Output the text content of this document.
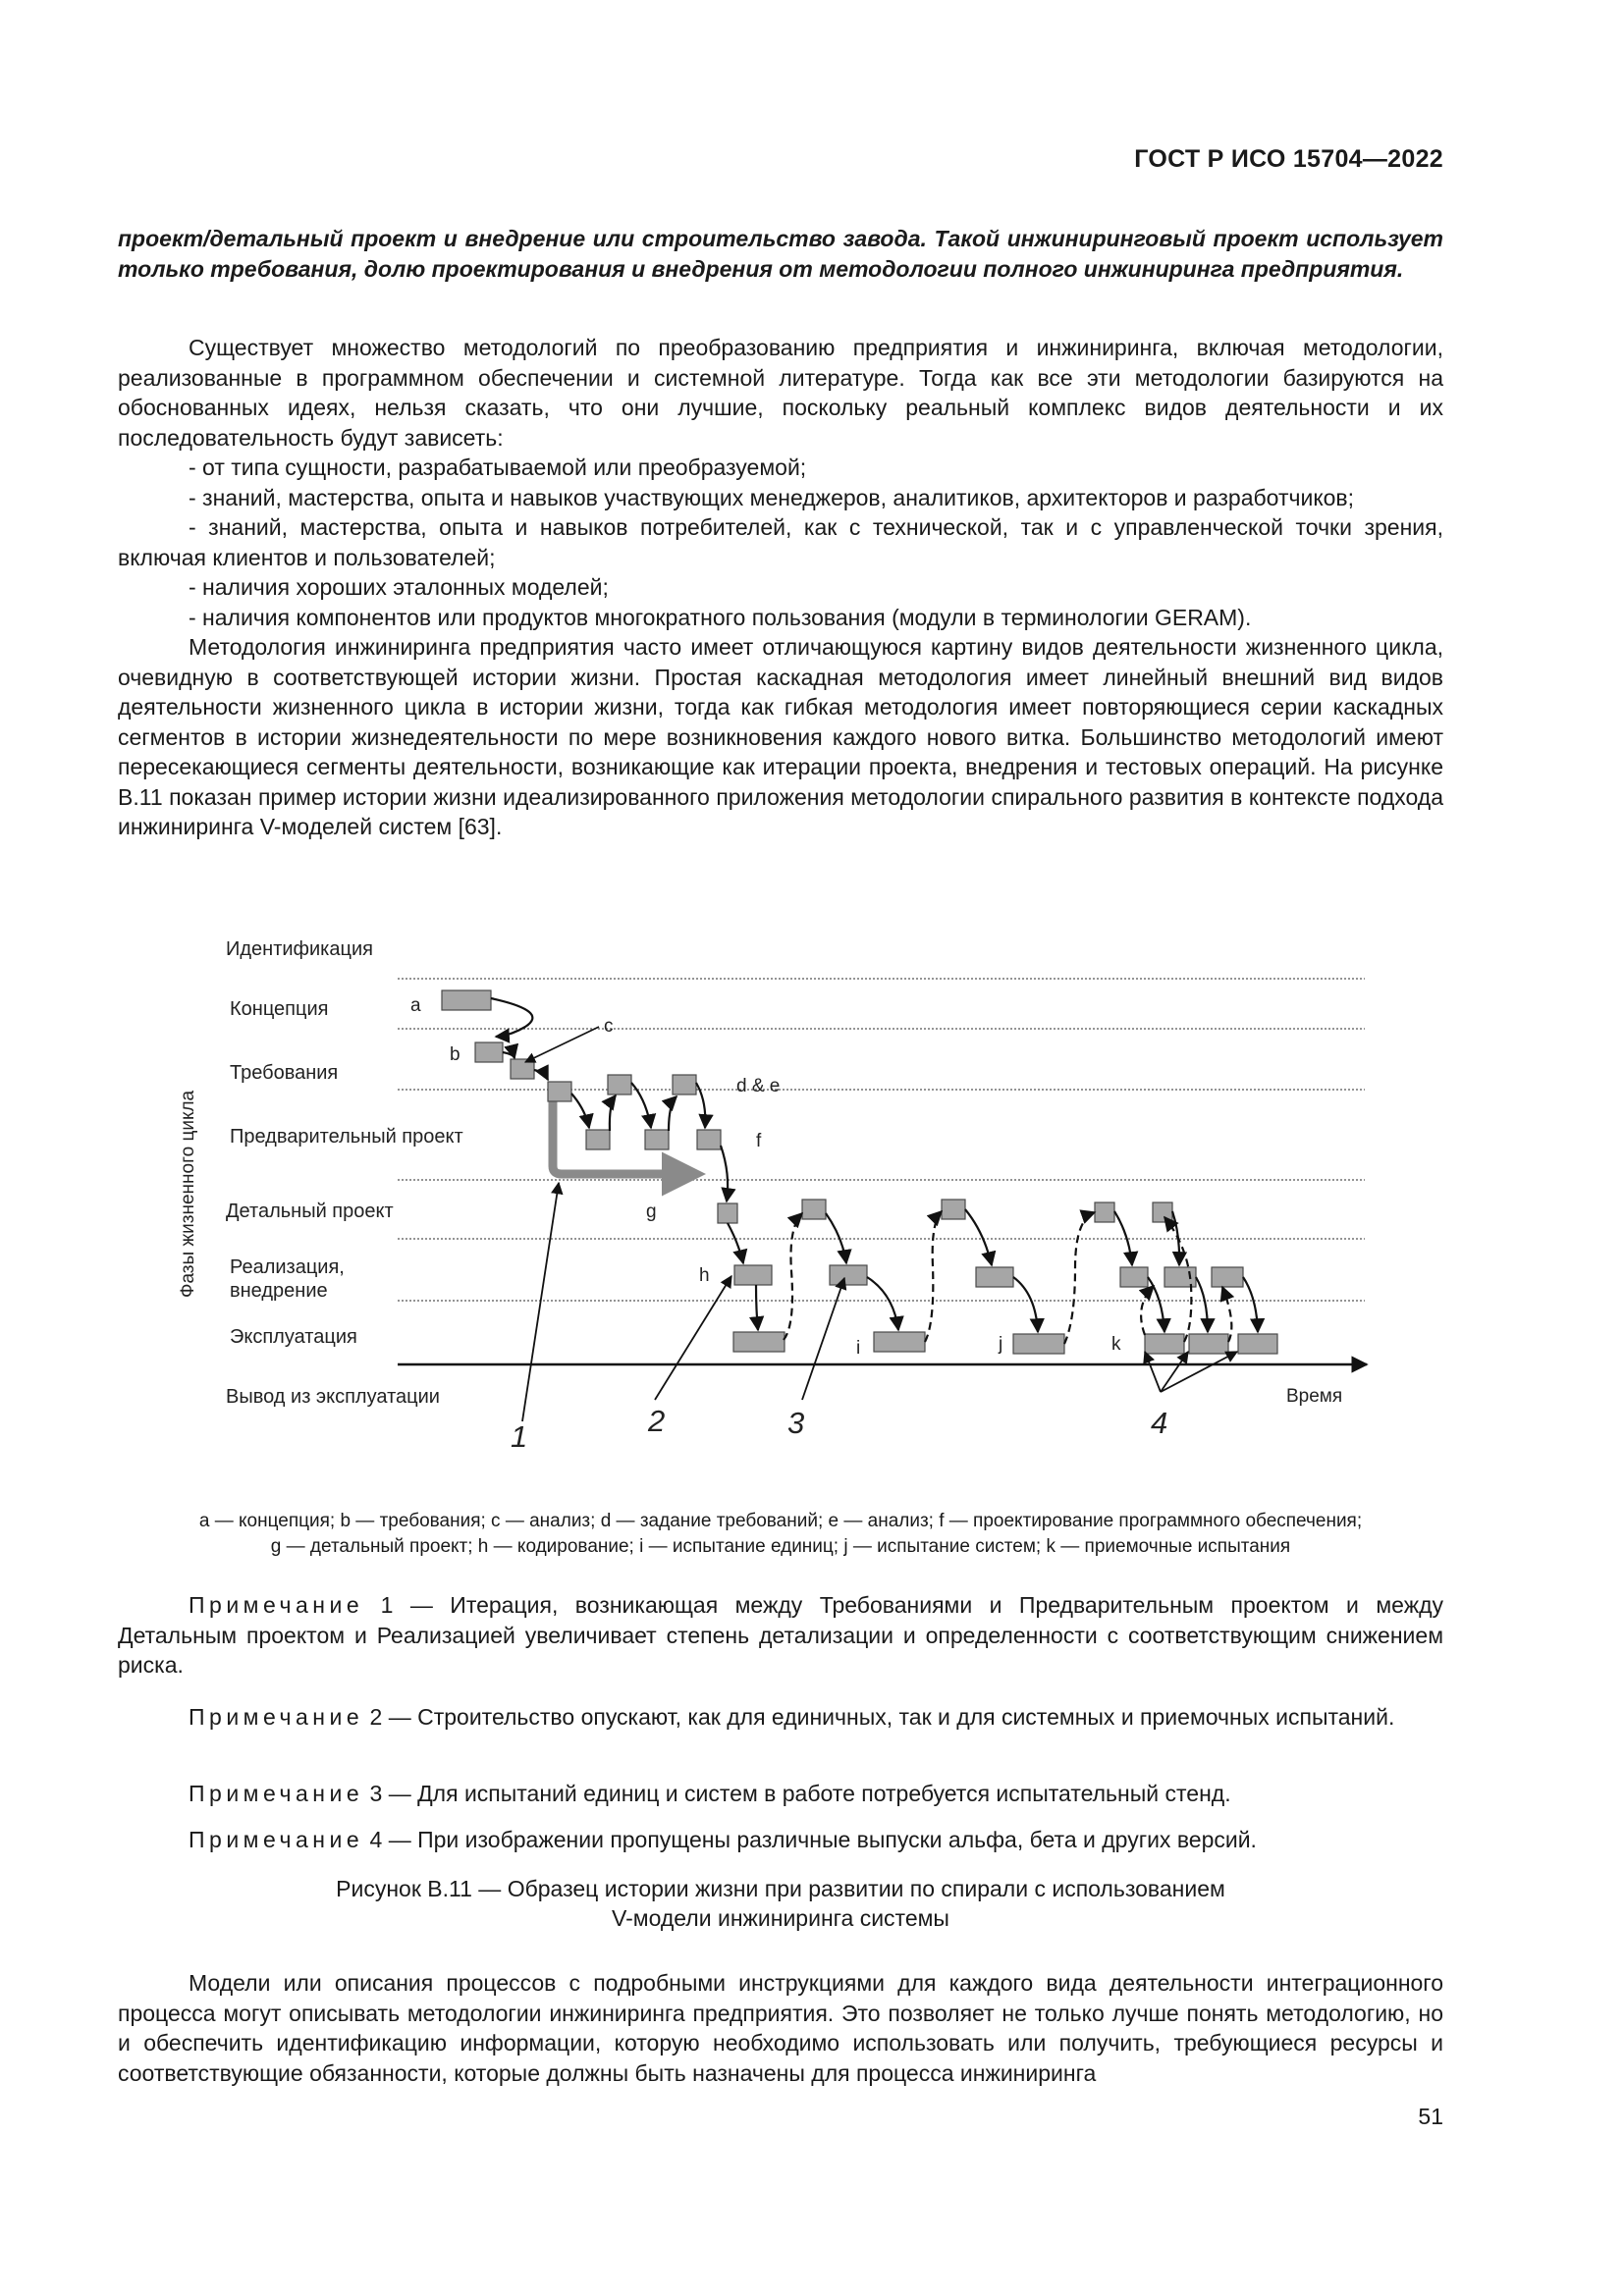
ГОСТ Р ИСО 15704—2022

проект/детальный проект и внедрение или строительство завода. Такой инжиниринговый проект использует только требования, долю проектирования и внедрения от методологии полного инжиниринга предприятия.

Существует множество методологий по преобразованию предприятия и инжиниринга, включая методологии, реализованные в программном обеспечении и системной литературе. Тогда как все эти методологии базируются на обоснованных идеях, нельзя сказать, что они лучшие, поскольку реальный комплекс видов деятельности и их последовательность будут зависеть:

- от типа сущности, разрабатываемой или преобразуемой;

- знаний, мастерства, опыта и навыков участвующих менеджеров, аналитиков, архитекторов и разработчиков;

- знаний, мастерства, опыта и навыков потребителей, как с технической, так и с управленческой точки зрения, включая клиентов и пользователей;

- наличия хороших эталонных моделей;

- наличия компонентов или продуктов многократного пользования (модули в терминологии GERAM).

Методология инжиниринга предприятия часто имеет отличающуюся картину видов деятельности жизненного цикла, очевидную в соответствующей истории жизни. Простая каскадная методология имеет линейный внешний вид видов деятельности жизненного цикла в истории жизни, тогда как гибкая методология имеет повторяющиеся серии каскадных сегментов в истории жизнедеятельности по мере возникновения каждого нового витка. Большинство методологий имеют пересекающиеся сегменты деятельности, возникающие как итерации проекта, внедрения и тестовых операций. На рисунке В.11 показан пример истории жизни идеализированного приложения методологии спирального развития в контексте подхода инжиниринга V-моделей систем [63].

Фазы жизненного цикла
Время
Идентификация
Концепция
Требования
Предварительный проект
Детальный проект
Реализация,
внедрение
Эксплуатация
Вывод из эксплуатации
a
b
c
d & e
f
g
h
i	j	k
1	2	3	4
a — концепция; b — требования; c — анализ; d — задание требований; e — анализ; f — проектирование программного обеспечения;
g — детальный проект; h — кодирование; i — испытание единиц; j — испытание систем; k — приемочные испытания

Примечание 1 — Итерация, возникающая между Требованиями и Предварительным проектом и между Детальным проектом и Реализацией увеличивает степень детализации и определенности с соответствующим снижением риска.

Примечание 2 — Строительство опускают, как для единичных, так и для системных и приемочных испытаний.

Примечание 3 — Для испытаний единиц и систем в работе потребуется испытательный стенд.

Примечание 4 — При изображении пропущены различные выпуски альфа, бета и других версий.

Рисунок В.11 — Образец истории жизни при развитии по спирали с использованием
V-модели инжиниринга системы

Модели или описания процессов с подробными инструкциями для каждого вида деятельности интеграционного процесса могут описывать методологии инжиниринга предприятия. Это позволяет не только лучше понять методологию, но и обеспечить идентификацию информации, которую необходимо использовать или получить, требующиеся ресурсы и соответствующие обязанности, которые должны быть назначены для процесса инжиниринга

51
